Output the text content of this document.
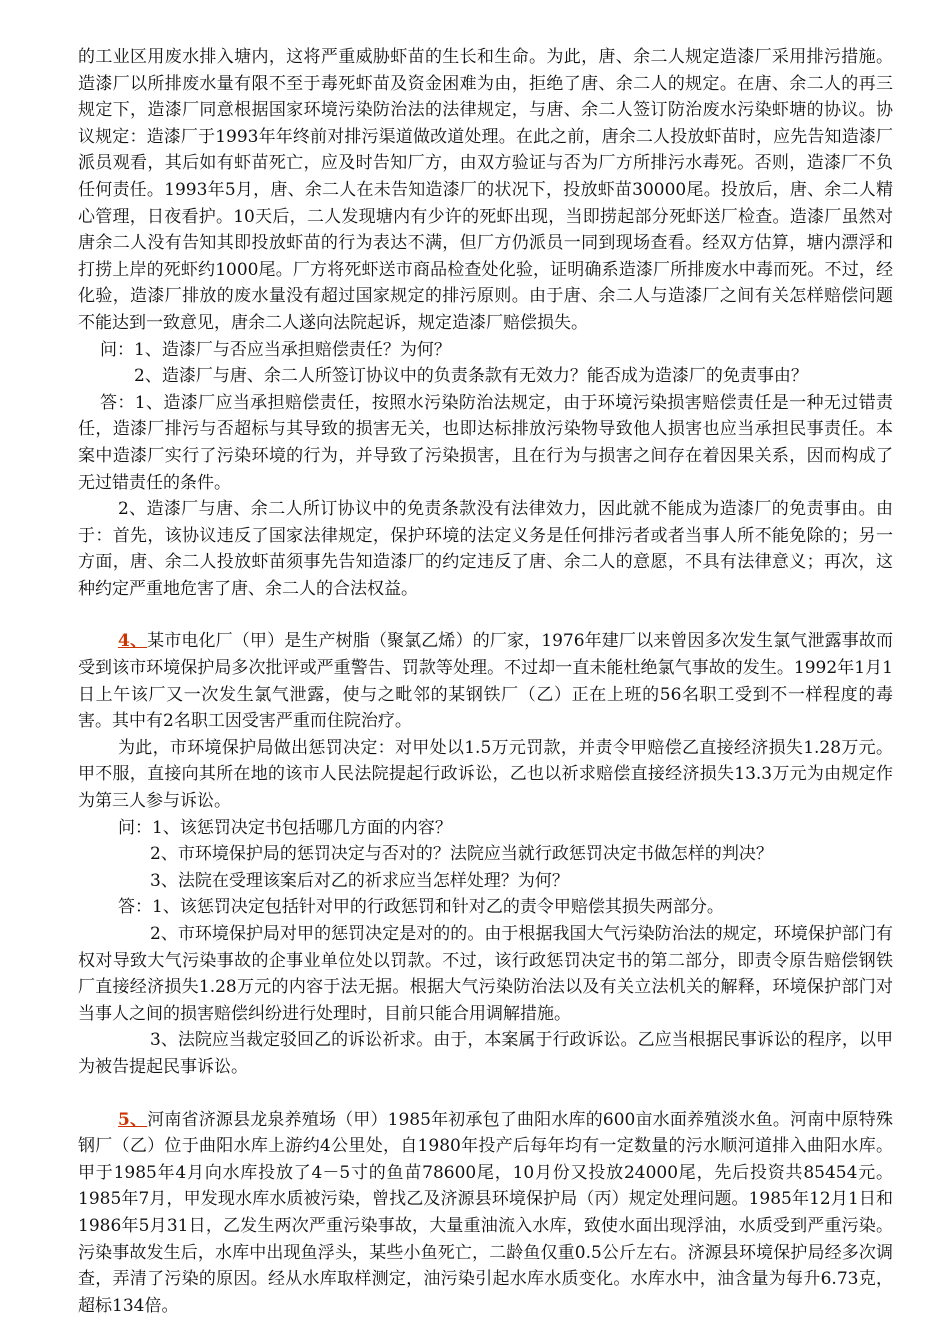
的工业区用废水排入塘内，这将严重威胁虾苗的生长和生命。为此，唐、余二人规定造漆厂采用排污措施。造漆厂以所排废水量有限不至于毒死虾苗及资金困难为由，拒绝了唐、余二人的规定。在唐、余二人的再三规定下，造漆厂同意根据国家环境污染防治法的法律规定，与唐、余二人签订防治废水污染虾塘的协议。协议规定：造漆厂于1993年年终前对排污渠道做改道处理。在此之前，唐余二人投放虾苗时，应先告知造漆厂派员观看，其后如有虾苗死亡，应及时告知厂方，由双方验证与否为厂方所排污水毒死。否则，造漆厂不负任何责任。1993年5月，唐、余二人在未告知造漆厂的状况下，投放虾苗30000尾。投放后，唐、余二人精心管理，日夜看护。10天后，二人发现塘内有少许的死虾出现，当即捞起部分死虾送厂检查。造漆厂虽然对唐余二人没有告知其即投放虾苗的行为表达不满，但厂方仍派员一同到现场查看。经双方估算，塘内漂浮和打捞上岸的死虾约1000尾。厂方将死虾送市商品检查处化验，证明确系造漆厂所排废水中毒而死。不过，经化验，造漆厂排放的废水量没有超过国家规定的排污原则。由于唐、余二人与造漆厂之间有关怎样赔偿问题不能达到一致意见，唐余二人遂向法院起诉，规定造漆厂赔偿损失。

问：1、造漆厂与否应当承担赔偿责任？为何？

2、造漆厂与唐、余二人所签订协议中的负责条款有无效力？能否成为造漆厂的免责事由？

答：1、造漆厂应当承担赔偿责任，按照水污染防治法规定，由于环境污染损害赔偿责任是一种无过错责任，造漆厂排污与否超标与其导致的损害无关，也即达标排放污染物导致他人损害也应当承担民事责任。本案中造漆厂实行了污染环境的行为，并导致了污染损害，且在行为与损害之间存在着因果关系，因而构成了无过错责任的条件。

2、造漆厂与唐、余二人所订协议中的免责条款没有法律效力，因此就不能成为造漆厂的免责事由。由于：首先，该协议违反了国家法律规定，保护环境的法定义务是任何排污者或者当事人所不能免除的；另一方面，唐、余二人投放虾苗须事先告知造漆厂的约定违反了唐、余二人的意愿，不具有法律意义；再次，这种约定严重地危害了唐、余二人的合法权益。

4、某市电化厂（甲）是生产树脂（聚氯乙烯）的厂家，1976年建厂以来曾因多次发生氯气泄露事故而受到该市环境保护局多次批评或严重警告、罚款等处理。不过却一直未能杜绝氯气事故的发生。1992年1月1日上午该厂又一次发生氯气泄露，使与之毗邻的某钢铁厂（乙）正在上班的56名职工受到不一样程度的毒害。其中有2名职工因受害严重而住院治疗。

为此，市环境保护局做出惩罚决定：对甲处以1.5万元罚款，并责令甲赔偿乙直接经济损失1.28万元。甲不服，直接向其所在地的该市人民法院提起行政诉讼，乙也以祈求赔偿直接经济损失13.3万元为由规定作为第三人参与诉讼。

问：1、该惩罚决定书包括哪几方面的内容？

2、市环境保护局的惩罚决定与否对的？法院应当就行政惩罚决定书做怎样的判决？

3、法院在受理该案后对乙的祈求应当怎样处理？为何？

答：1、该惩罚决定包括针对甲的行政惩罚和针对乙的责令甲赔偿其损失两部分。

2、市环境保护局对甲的惩罚决定是对的的。由于根据我国大气污染防治法的规定，环境保护部门有权对导致大气污染事故的企事业单位处以罚款。不过，该行政惩罚决定书的第二部分，即责令原告赔偿钢铁厂直接经济损失1.28万元的内容于法无据。根据大气污染防治法以及有关立法机关的解释，环境保护部门对当事人之间的损害赔偿纠纷进行处理时，目前只能合用调解措施。

3、法院应当裁定驳回乙的诉讼祈求。由于，本案属于行政诉讼。乙应当根据民事诉讼的程序，以甲为被告提起民事诉讼。

5、河南省济源县龙泉养殖场（甲）1985年初承包了曲阳水库的600亩水面养殖淡水鱼。河南中原特殊钢厂（乙）位于曲阳水库上游约4公里处，自1980年投产后每年均有一定数量的污水顺河道排入曲阳水库。甲于1985年4月向水库投放了4－5寸的鱼苗78600尾，10月份又投放24000尾，先后投资共85454元。1985年7月，甲发现水库水质被污染，曾找乙及济源县环境保护局（丙）规定处理问题。1985年12月1日和1986年5月31日，乙发生两次严重污染事故，大量重油流入水库，致使水面出现浮油，水质受到严重污染。污染事故发生后，水库中出现鱼浮头，某些小鱼死亡，二龄鱼仅重0.5公斤左右。济源县环境保护局经多次调查，弄清了污染的原因。经从水库取样测定，油污染引起水库水质变化。水库水中，油含量为每升6.73克，超标134倍。
